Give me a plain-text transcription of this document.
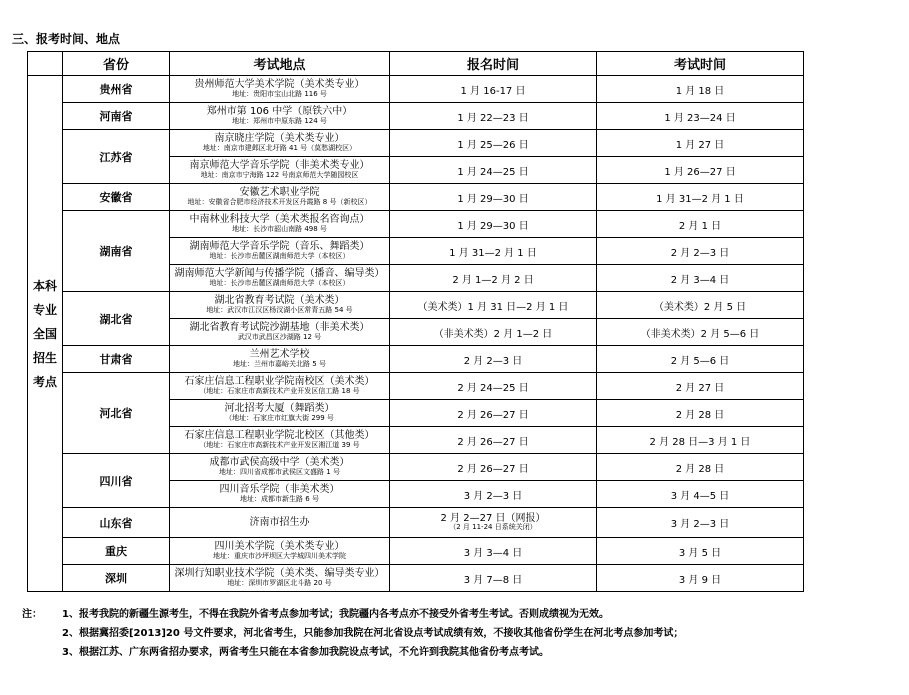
三、报考时间、地点
	省份	考试地点	报名时间	考试时间
本科
专业
全国
招生
考点	贵州省	贵州师范大学美术学院（美术类专业）
地址：贵阳市宝山北路 116 号	1 月 16-17 日	1 月 18 日
	河南省	郑州市第 106 中学（原铁六中）
地址：郑州市中原东路 124 号	1 月 22—23 日	1 月 23—24 日
	江苏省	南京晓庄学院（美术类专业）
地址：南京市建邺区北圩路 41 号（莫愁湖校区）	1 月 25—26 日	1 月 27 日

		南京师范大学音乐学院（非美术类专业）
地址：南京市宁海路 122 号南京师范大学随园校区	1 月 24—25 日	1 月 26—27 日
	安徽省	安徽艺术职业学院
地址：安徽省合肥市经济技术开发区丹霞路 8 号（新校区）	1 月 29—30 日	1 月 31—2 月 1 日
	湖南省	中南林业科技大学（美术类报名咨询点）
地址：长沙市韶山南路 498 号	1 月 29—30 日	2 月 1 日

		湖南师范大学音乐学院（音乐、舞蹈类）
地址：长沙市岳麓区湖南师范大学（本校区）	1 月 31—2 月 1 日	2 月 2—3 日

		湖南师范大学新闻与传播学院（播音、编导类）
地址：长沙市岳麓区湖南师范大学（本校区）	2 月 1—2 月 2 日	2 月 3—4 日
	湖北省	湖北省教育考试院（美术类）
地址：武汉市江汉区杨汊湖小区常青五路 54 号	（美术类）1 月 31 日—2 月 1 日	（美术类）2 月 5 日

		湖北省教育考试院沙湖基地（非美术类）
武汉市武昌区沙湖路 12 号	（非美术类）2 月 1—2 日	（非美术类）2 月 5—6 日
	甘肃省	兰州艺术学校
地址：兰州市嘉峪关北路 5 号	2 月 2—3 日	2 月 5—6 日
	河北省	石家庄信息工程职业学院南校区（美术类）
（地址：石家庄市高新技术产业开发区信工路 18 号	2 月 24—25 日	2 月 27 日

		河北招考大厦（舞蹈类）
（地址：石家庄市红旗大街 299 号	2 月 26—27 日	2 月 28 日

		石家庄信息工程职业学院北校区（其他类）
（地址：石家庄市高新技术产业开发区湘江道 39 号	2 月 26—27 日	2 月 28 日—3 月 1 日
	四川省	成都市武侯高级中学（美术类）
地址：四川省成都市武侯区文盛路 1 号	2 月 26—27 日	2 月 28 日

		四川音乐学院（非美术类）
地址：成都市新生路 6 号	3 月 2—3 日	3 月 4—5 日
	山东省	济南市招生办	2 月 2—27 日（网报）
（2 月 11-24 日系统关闭）	3 月 2—3 日
	重庆	四川美术学院（美术类专业）
地址：重庆市沙坪坝区大学城四川美术学院	3 月 3—4 日	3 月 5 日
	深圳	深圳行知职业技术学院（美术类、编导类专业）
地址：深圳市罗湖区北斗路 20 号	3 月 7—8 日	3 月 9 日
注：	1、报考我院的新疆生源考生，不得在我院外省考点参加考试；我院疆内各考点亦不接受外省考生考试。否则成绩视为无效。
2、根据冀招委[2013]20 号文件要求，河北省考生，只能参加我院在河北省设点考试成绩有效，不接收其他省份学生在河北考点参加考试；
3、根据江苏、广东两省招办要求，两省考生只能在本省参加我院设点考试，不允许到我院其他省份考点考试。
